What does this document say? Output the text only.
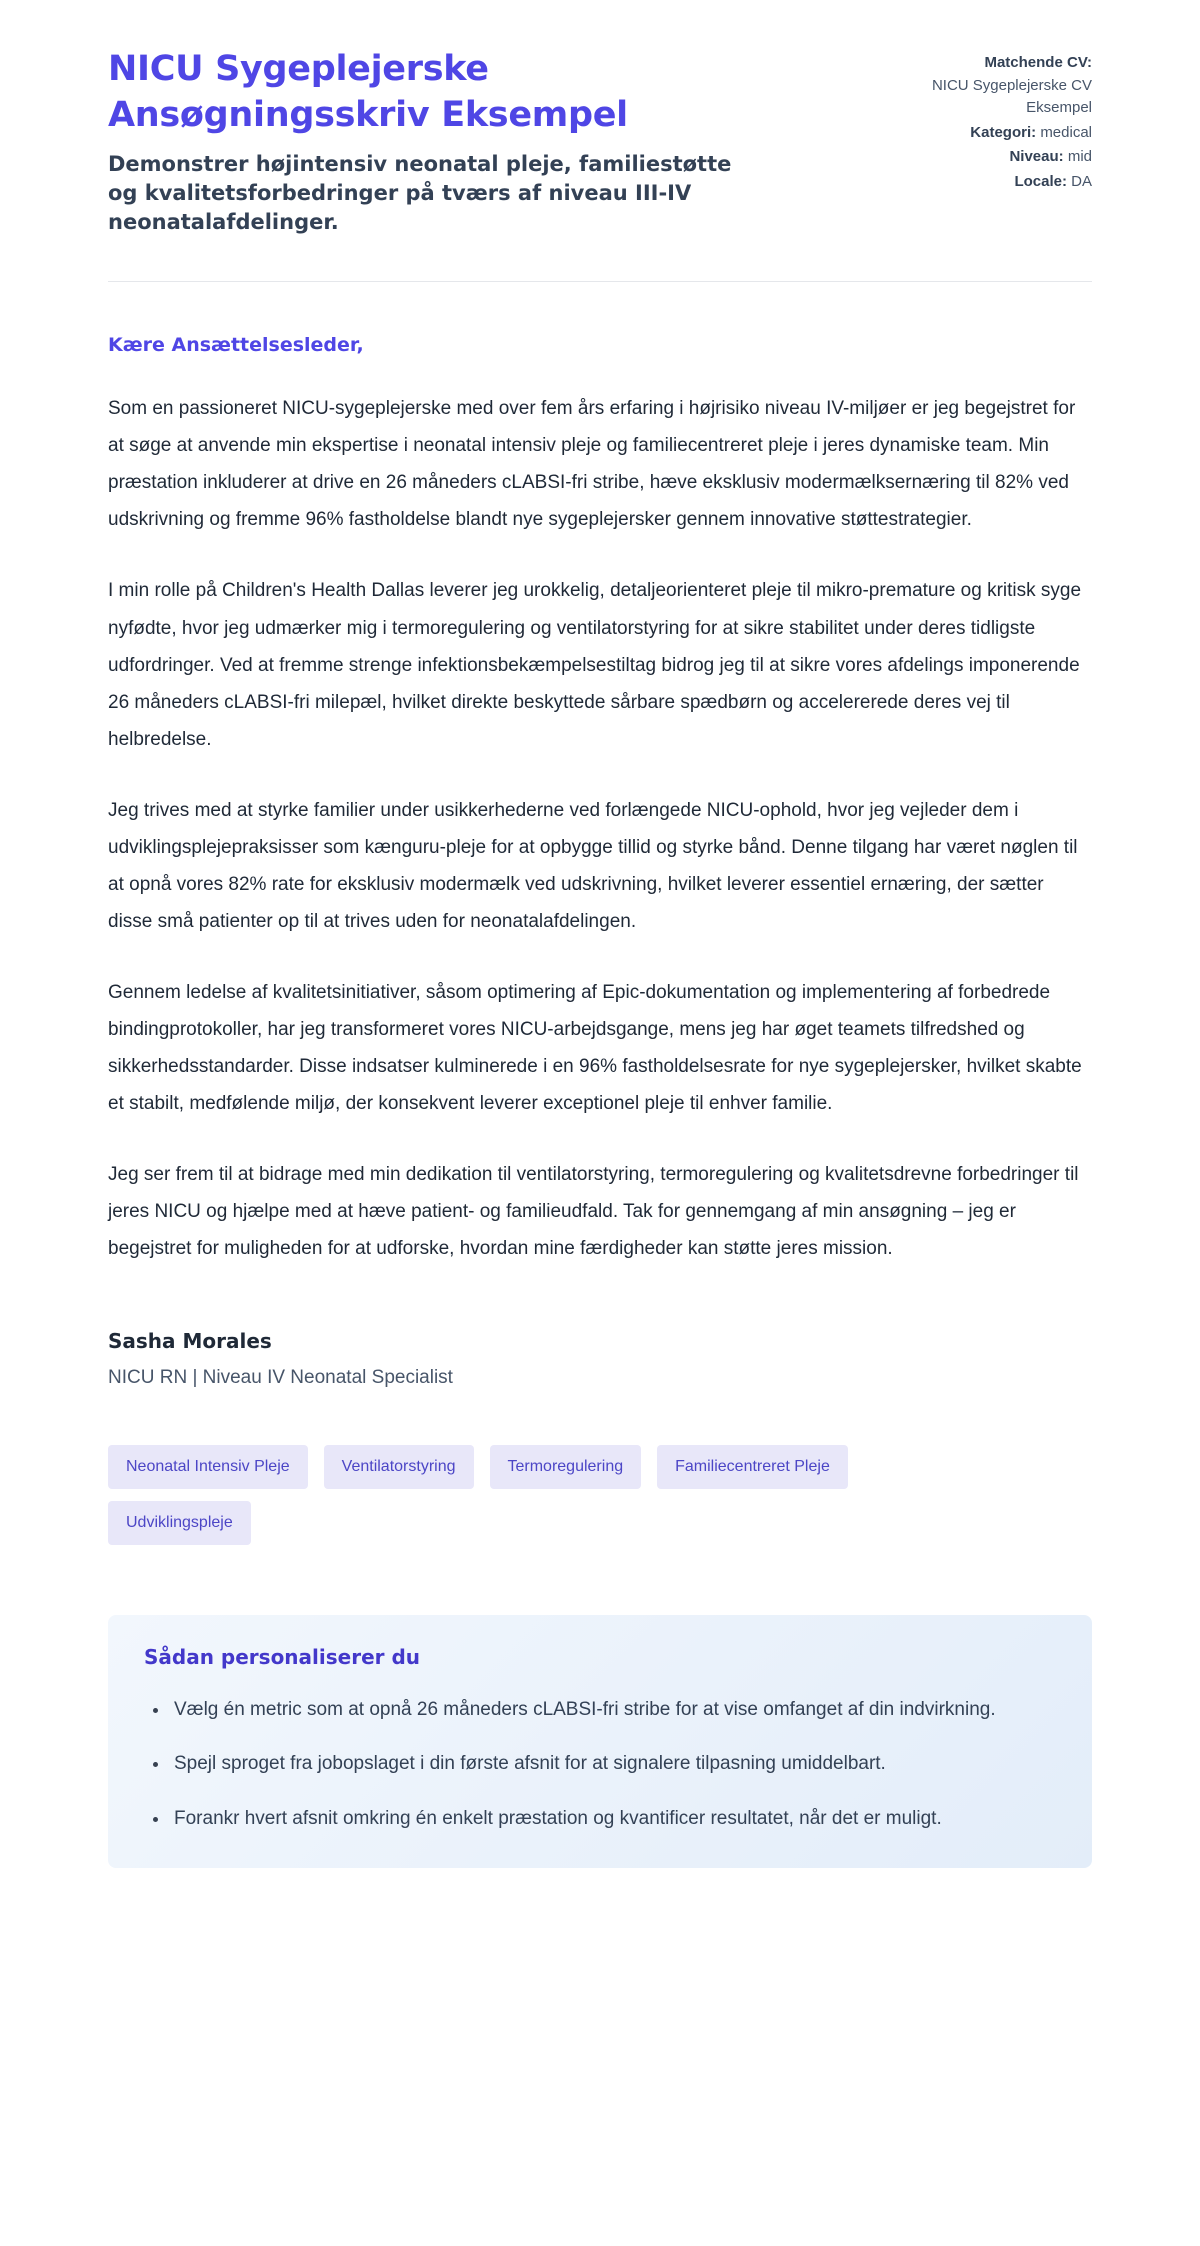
NICU Sygeplejerske Ansøgningsskriv Eksempel
Demonstrer højintensiv neonatal pleje, familiestøtte og kvalitetsforbedringer på tværs af niveau III-IV neonatalafdelinger.
Matchende CV:
NICU Sygeplejerske CV Eksempel
Kategori: medical
Niveau: mid
Locale: DA

Kære Ansættelsesleder,

Som en passioneret NICU-sygeplejerske med over fem års erfaring i højrisiko niveau IV-miljøer er jeg begejstret for at søge at anvende min ekspertise i neonatal intensiv pleje og familiecentreret pleje i jeres dynamiske team. Min præstation inkluderer at drive en 26 måneders cLABSI-fri stribe, hæve eksklusiv modermælksernæring til 82% ved udskrivning og fremme 96% fastholdelse blandt nye sygeplejersker gennem innovative støttestrategier.

I min rolle på Children's Health Dallas leverer jeg urokkelig, detaljeorienteret pleje til mikro-premature og kritisk syge nyfødte, hvor jeg udmærker mig i termoregulering og ventilatorstyring for at sikre stabilitet under deres tidligste udfordringer. Ved at fremme strenge infektionsbekæmpelsestiltag bidrog jeg til at sikre vores afdelings imponerende 26 måneders cLABSI-fri milepæl, hvilket direkte beskyttede sårbare spædbørn og accelererede deres vej til helbredelse.

Jeg trives med at styrke familier under usikkerhederne ved forlængede NICU-ophold, hvor jeg vejleder dem i udviklingsplejepraksisser som kænguru-pleje for at opbygge tillid og styrke bånd. Denne tilgang har været nøglen til at opnå vores 82% rate for eksklusiv modermælk ved udskrivning, hvilket leverer essentiel ernæring, der sætter disse små patienter op til at trives uden for neonatalafdelingen.

Gennem ledelse af kvalitetsinitiativer, såsom optimering af Epic-dokumentation og implementering af forbedrede bindingprotokoller, har jeg transformeret vores NICU-arbejdsgange, mens jeg har øget teamets tilfredshed og sikkerhedsstandarder. Disse indsatser kulminerede i en 96% fastholdelsesrate for nye sygeplejersker, hvilket skabte et stabilt, medfølende miljø, der konsekvent leverer exceptionel pleje til enhver familie.

Jeg ser frem til at bidrage med min dedikation til ventilatorstyring, termoregulering og kvalitetsdrevne forbedringer til jeres NICU og hjælpe med at hæve patient- og familieudfald. Tak for gennemgang af min ansøgning – jeg er begejstret for muligheden for at udforske, hvordan mine færdigheder kan støtte jeres mission.

Sasha Morales

NICU RN | Niveau IV Neonatal Specialist
Neonatal Intensiv Pleje	Ventilatorstyring	Termoregulering	Familiecentreret Pleje
Udviklingspleje
Sådan personaliserer du
• Vælg én metric som at opnå 26 måneders cLABSI-fri stribe for at vise omfanget af din indvirkning.
• Spejl sproget fra jobopslaget i din første afsnit for at signalere tilpasning umiddelbart.
• Forankr hvert afsnit omkring én enkelt præstation og kvantificer resultatet, når det er muligt.
